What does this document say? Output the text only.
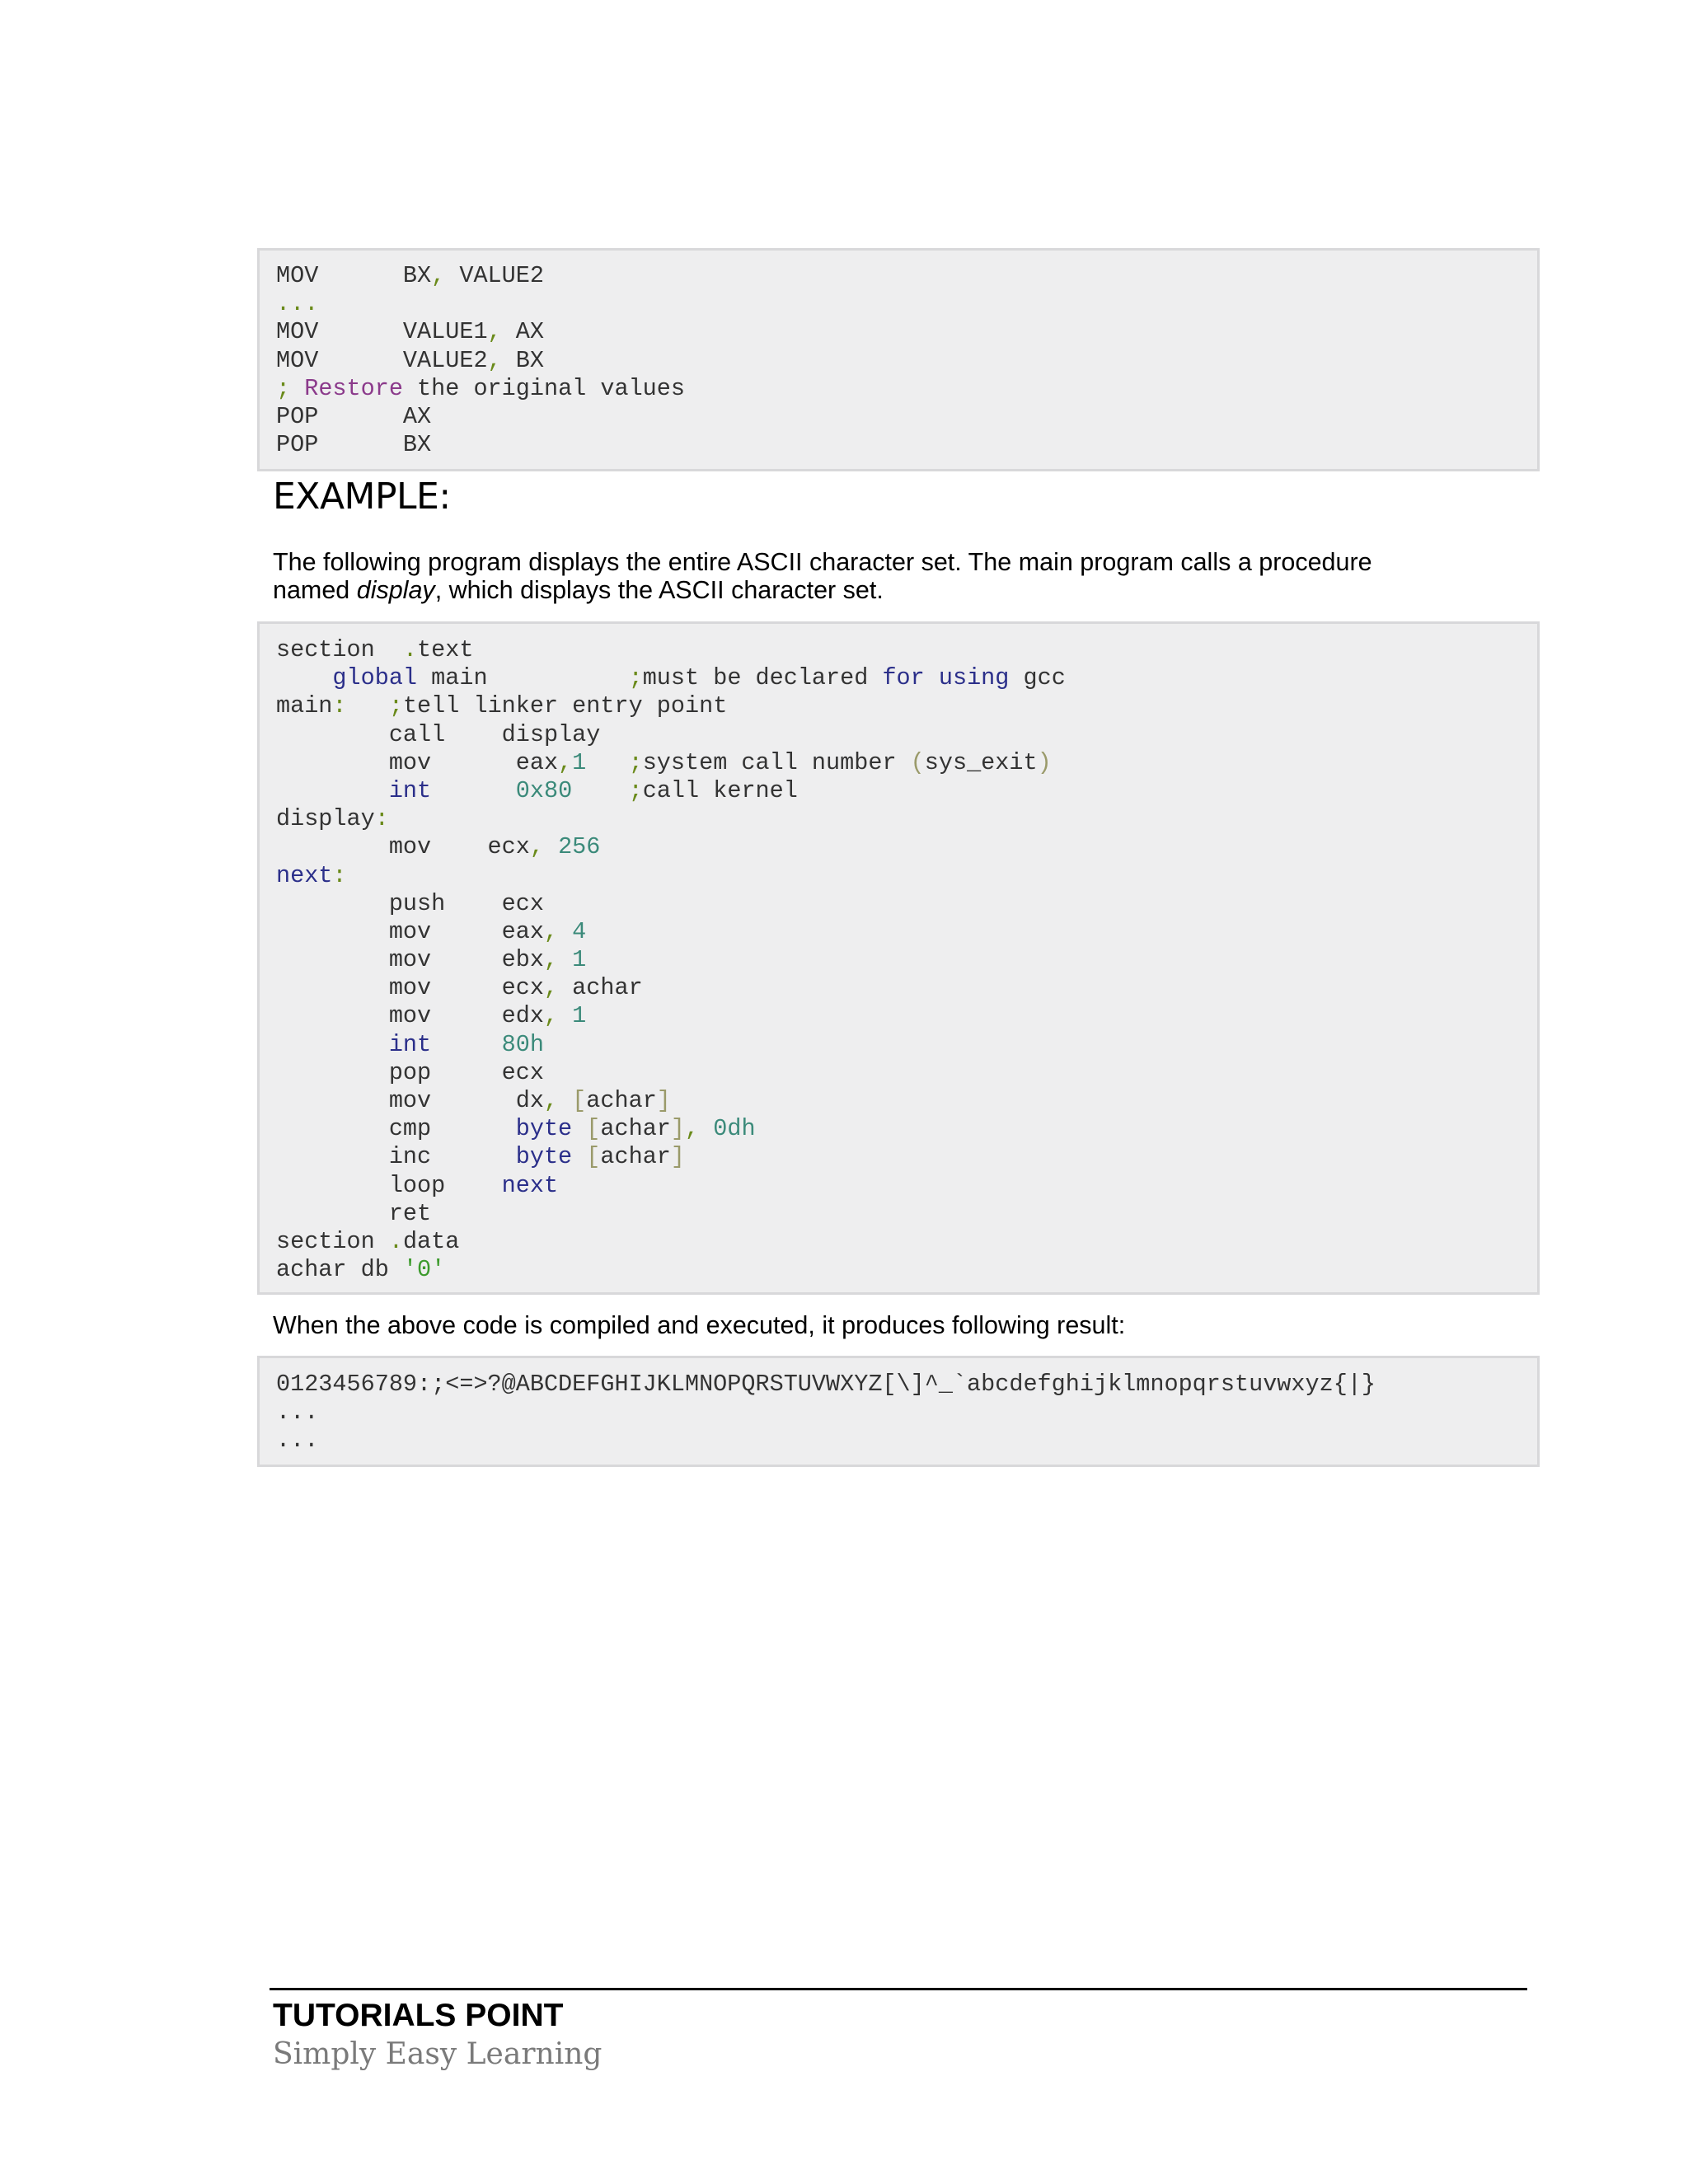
MOV      BX, VALUE2
...
MOV      VALUE1, AX
MOV      VALUE2, BX
; Restore the original values
POP      AX
POP      BX
EXAMPLE:

The following program displays the entire ASCII character set. The main program calls a procedure
named display, which displays the ASCII character set.

section  .text
global main          ;must be declared for using gcc
main: ;tell linker entry point
call    display
mov      eax,1 ;system call number (sys_exit)
int	0x80 ;call kernel
display:
mov    ecx, 256
next:
push    ecx
mov     eax, 4
mov     ebx, 1
mov     ecx, achar
mov     edx, 1
int	80h
pop     ecx
mov      dx, [achar]
cmp      byte [achar], 0dh
inc      byte [achar]
loop    next
ret
section .data
achar db '0'

When the above code is compiled and executed, it produces following result:

0123456789:;<=>?@ABCDEFGHIJKLMNOPQRSTUVWXYZ[\]^_`abcdefghijklmnopqrstuvwxyz{|}
...
...

TUTORIALS POINT

Simply Easy Learning
